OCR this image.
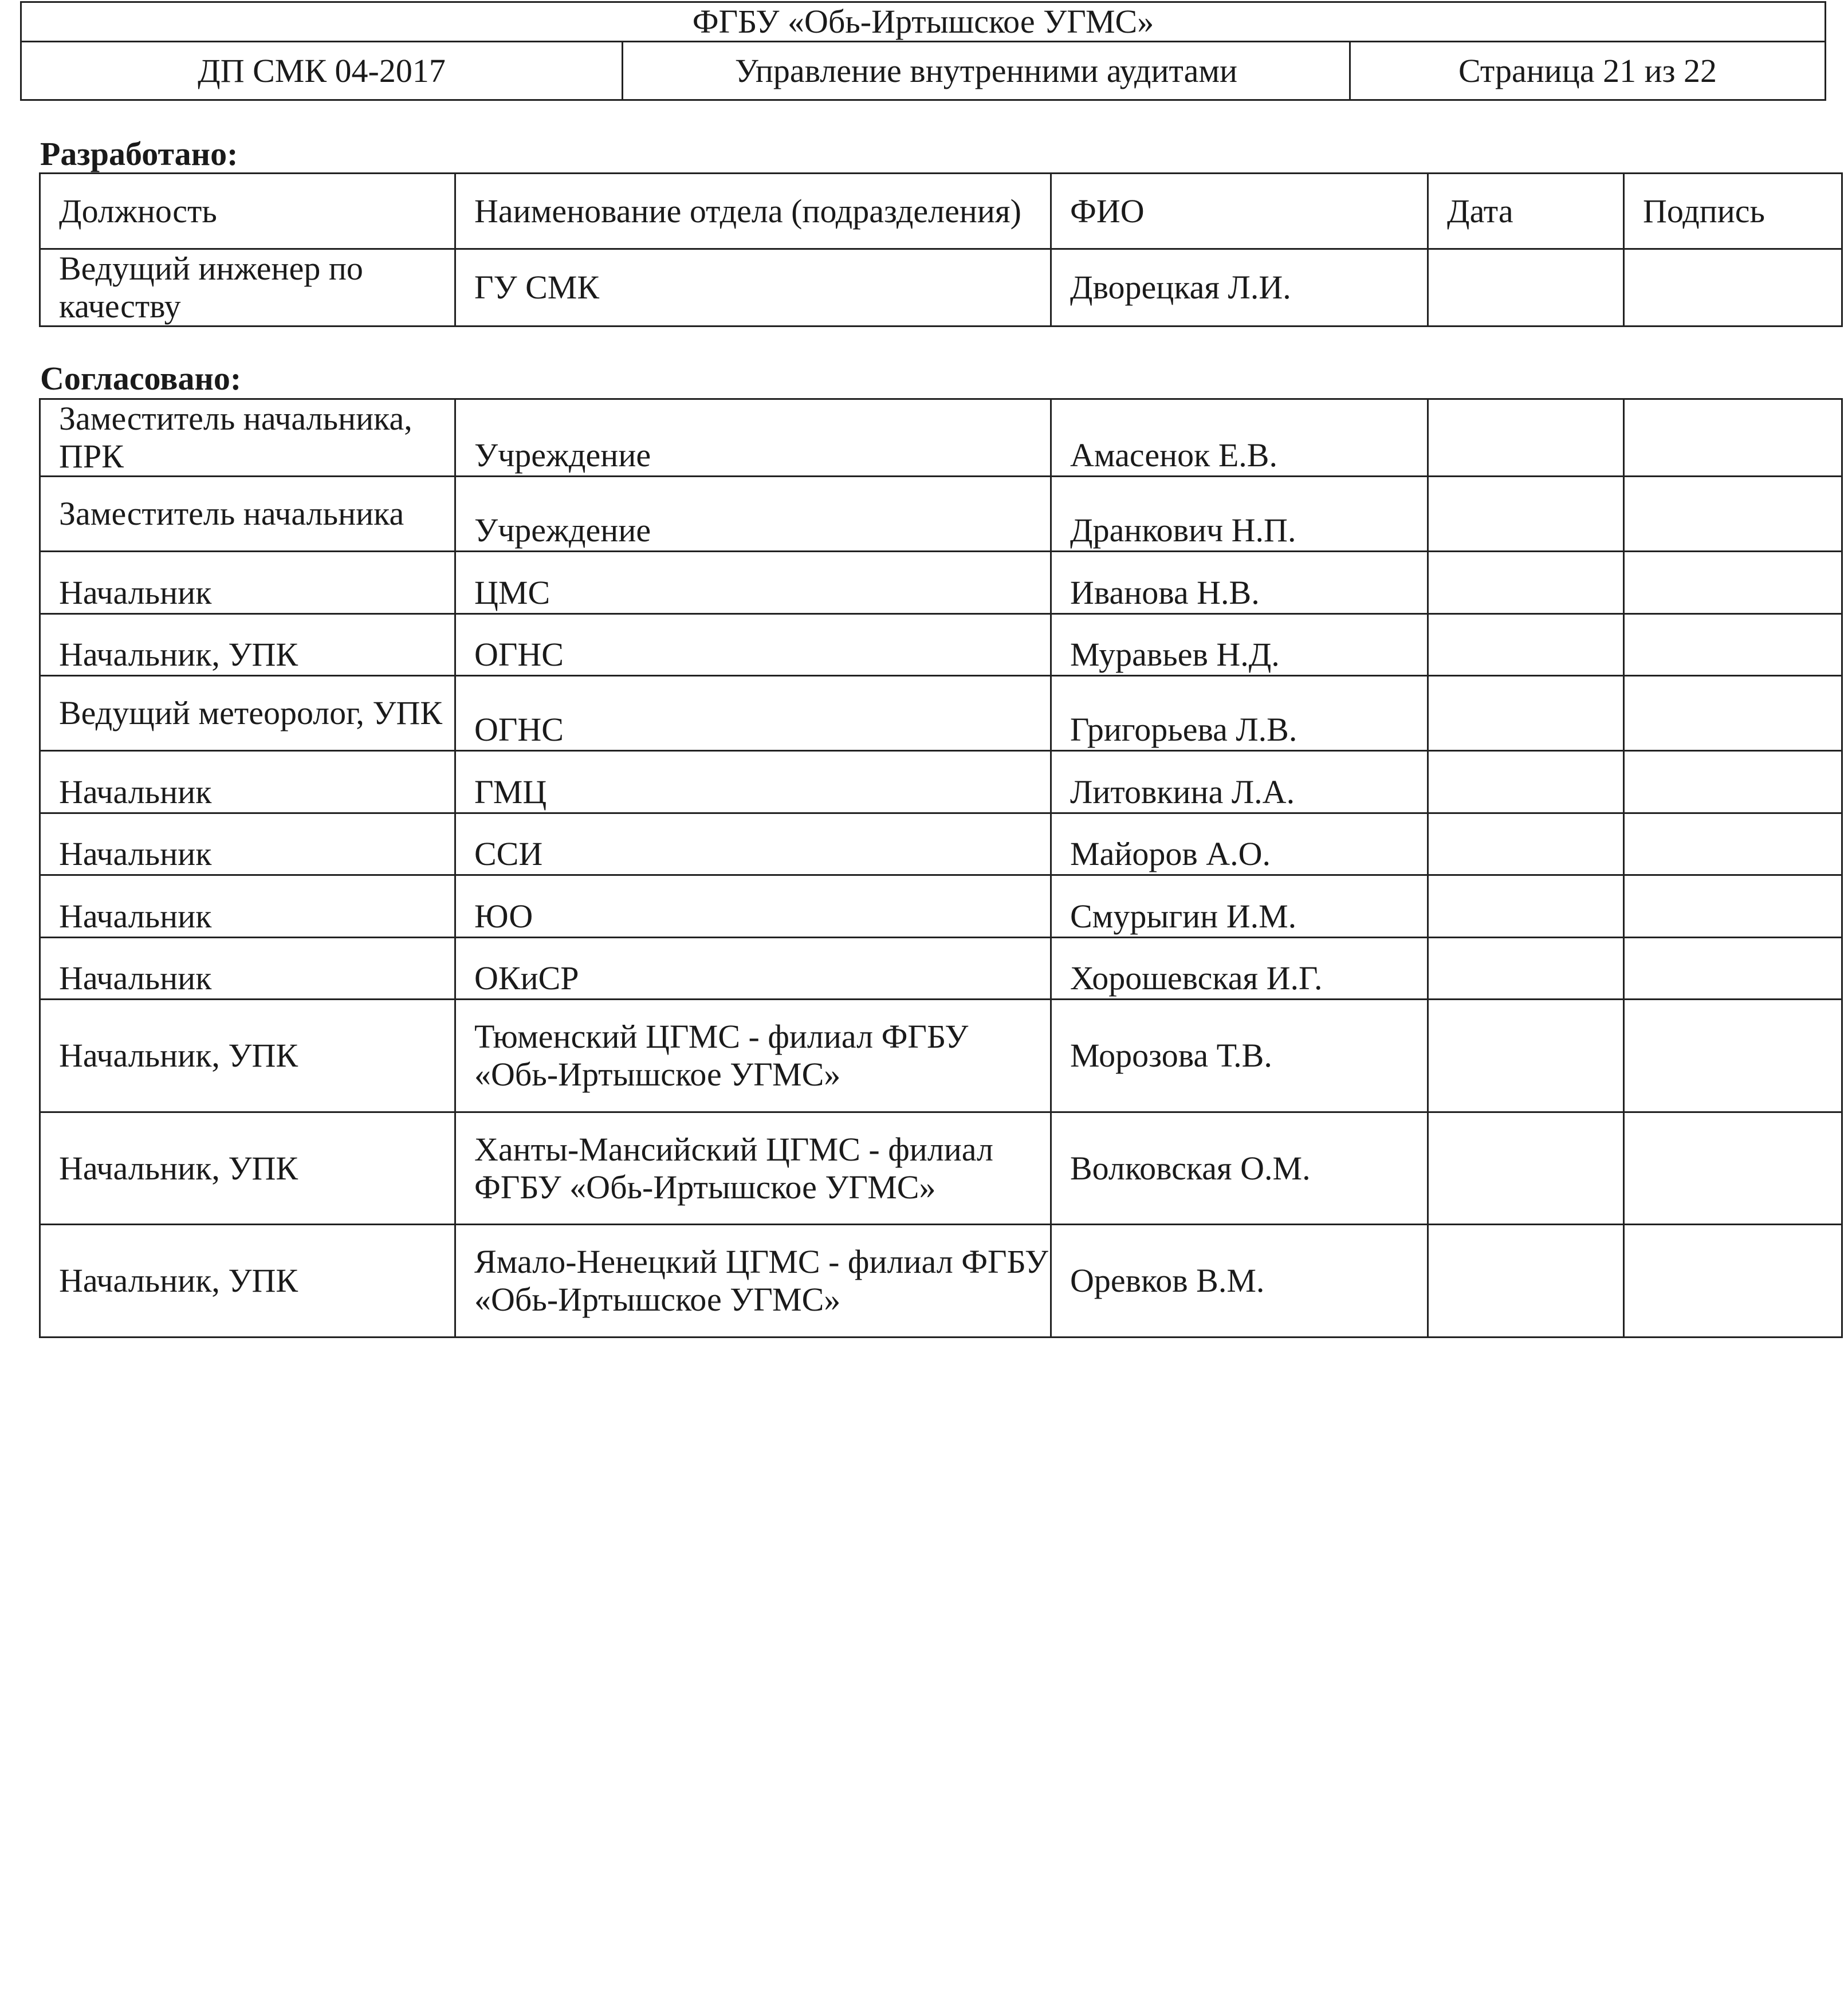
ФГБУ «Обь-Иртышское УГМС»
ДП СМК 04-2017	Управление внутренними аудитами	Страница 21 из 22

Разработано:

Должность	Наименование отдела (подразделения)	ФИО	Дата	Подпись
Ведущий инженер по качеству	ГУ СМК	Дворецкая Л.И.		

Согласовано:

Заместитель начальника, ПРК	Учреждение	Амасенок Е.В.		
Заместитель начальника	Учреждение	Дранкович Н.П.		
Начальник	ЦМС	Иванова Н.В.		
Начальник, УПК	ОГНС	Муравьев Н.Д.		
Ведущий метеоролог, УПК	ОГНС	Григорьева Л.В.		
Начальник	ГМЦ	Литовкина Л.А.		
Начальник	ССИ	Майоров А.О.		
Начальник	ЮО	Смурыгин И.М.		
Начальник	ОКиСР	Хорошевская И.Г.		
Начальник, УПК	Тюменский ЦГМС - филиал ФГБУ «Обь-Иртышское УГМС»	Морозова Т.В.		
Начальник, УПК	Ханты-Мансийский ЦГМС - филиал ФГБУ «Обь-Иртышское УГМС»	Волковская О.М.		
Начальник, УПК	Ямало-Ненецкий ЦГМС - филиал ФГБУ «Обь-Иртышское УГМС»	Оревков В.М.		
